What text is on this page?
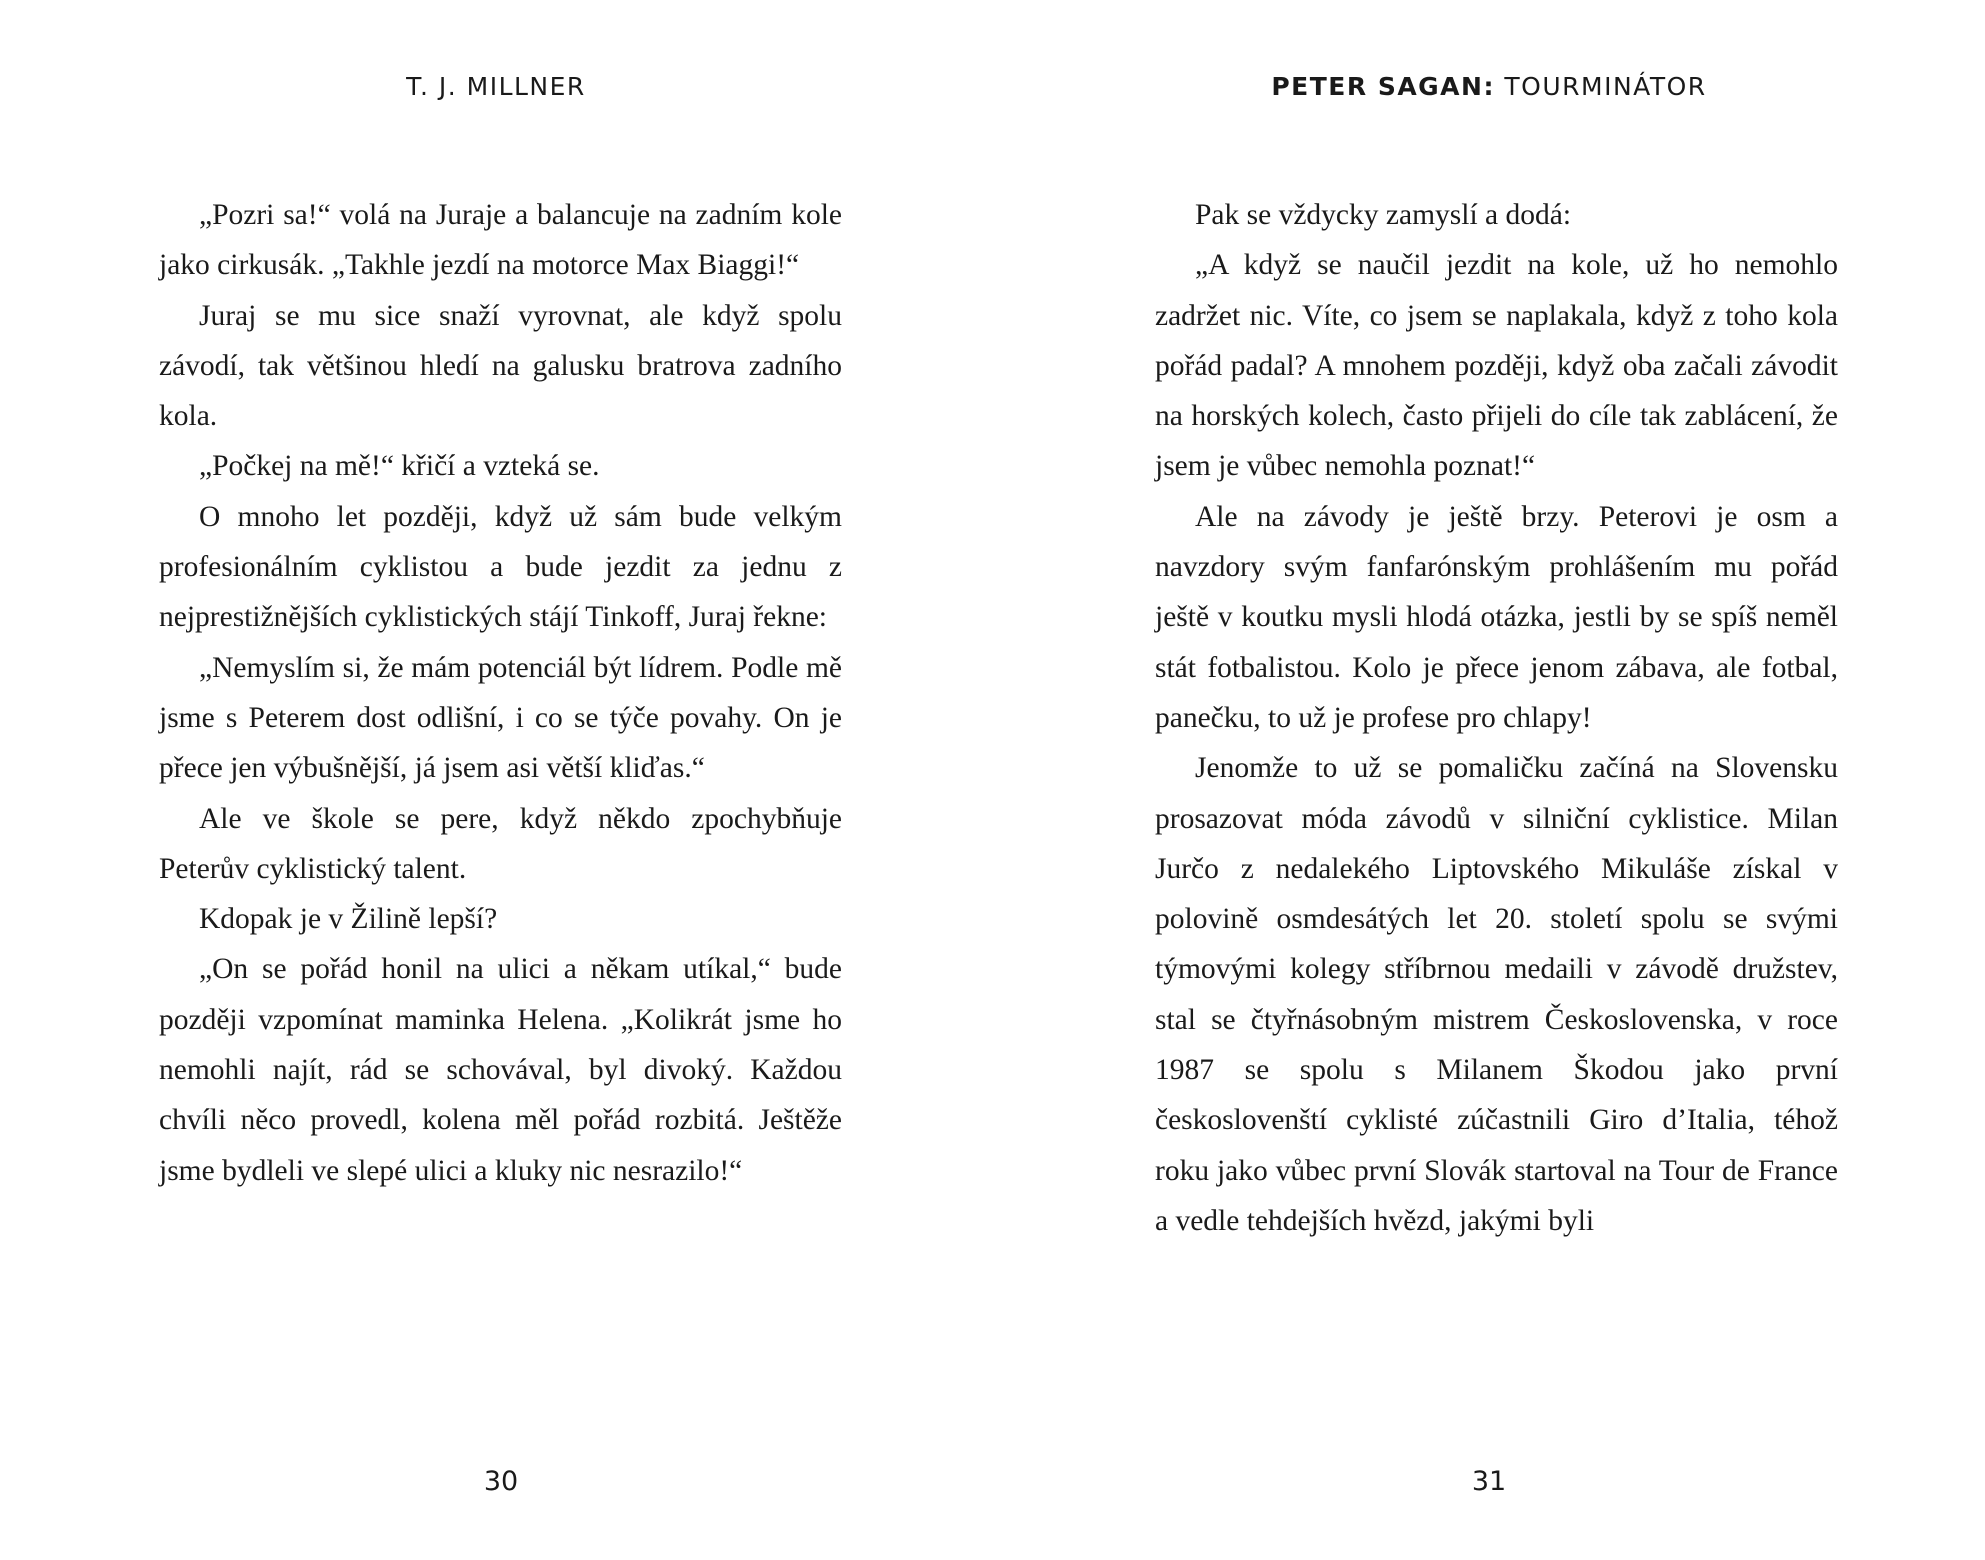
T. J. MILLNER

„Pozri sa!“ volá na Juraje a balancuje na zadním kole jako cirkusák. „Takhle jezdí na motorce Max Biaggi!“

Juraj se mu sice snaží vyrovnat, ale když spolu závodí, tak většinou hledí na galusku bratrova zadního kola.

„Počkej na mě!“ křičí a vzteká se.

O mnoho let později, když už sám bude velkým profesionálním cyklistou a bude jezdit za jednu z nejprestižnějších cyklistických stájí Tinkoff, Juraj řekne:

„Nemyslím si, že mám potenciál být lídrem. Podle mě jsme s Peterem dost odlišní, i co se týče povahy. On je přece jen výbušnější, já jsem asi větší kliďas.“

Ale ve škole se pere, když někdo zpochybňuje Peterův cyklistický talent.

Kdopak je v Žilině lepší?

„On se pořád honil na ulici a někam utíkal,“ bude později vzpomínat maminka Helena. „Kolikrát jsme ho nemohli najít, rád se schovával, byl divoký. Každou chvíli něco provedl, kolena měl pořád rozbitá. Ještěže jsme bydleli ve slepé ulici a kluky nic nesrazilo!“

30
PETER SAGAN: TOURMINÁTOR

Pak se vždycky zamyslí a dodá:

„A když se naučil jezdit na kole, už ho nemohlo zadržet nic. Víte, co jsem se naplakala, když z toho kola pořád padal? A mnohem později, když oba začali závodit na horských kolech, často přijeli do cíle tak zablácení, že jsem je vůbec nemohla poznat!“

Ale na závody je ještě brzy. Peterovi je osm a navzdory svým fanfarónským prohlášením mu pořád ještě v koutku mysli hlodá otázka, jestli by se spíš neměl stát fotbalistou. Kolo je přece jenom zábava, ale fotbal, panečku, to už je profese pro chlapy!

Jenomže to už se pomaličku začíná na Slovensku prosazovat móda závodů v silniční cyklistice. Milan Jurčo z nedalekého Liptovského Mikuláše získal v polovině osmdesátých let 20. století spolu se svými týmovými kolegy stříbrnou medaili v závodě družstev, stal se čtyřnásobným mistrem Československa, v roce 1987 se spolu s Milanem Škodou jako první českoslovenští cyklisté zúčastnili Giro d’Italia, téhož roku jako vůbec první Slovák startoval na Tour de France a vedle tehdejších hvězd, jakými byli

31
